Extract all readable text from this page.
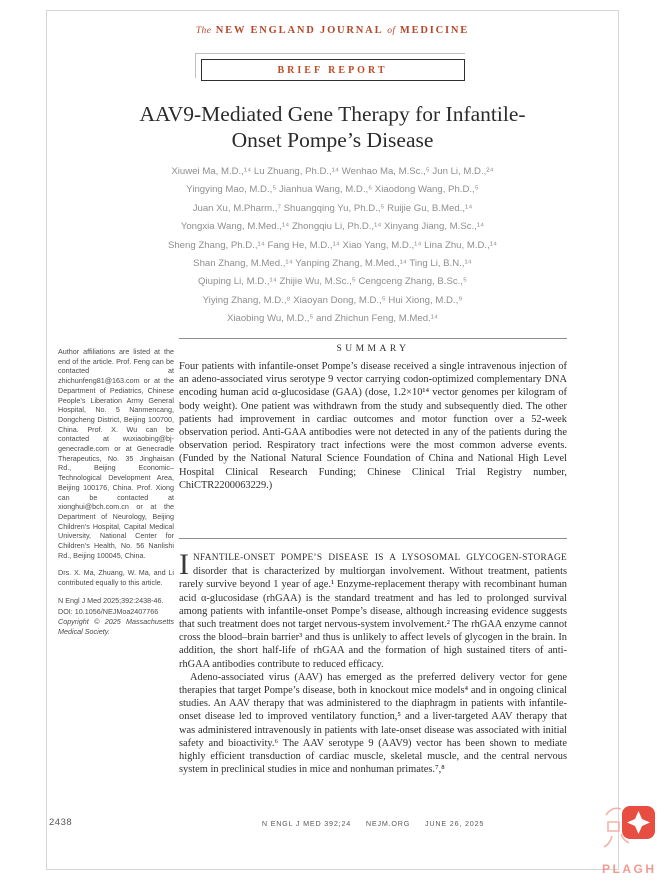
The NEW ENGLAND JOURNAL of MEDICINE
BRIEF REPORT
AAV9-Mediated Gene Therapy for Infantile-
Onset Pompe’s Disease
Xiuwei Ma, M.D.,¹⁴ Lu Zhuang, Ph.D.,¹⁴ Wenhao Ma, M.Sc.,⁵ Jun Li, M.D.,²⁴
Yingying Mao, M.D.,⁵ Jianhua Wang, M.D.,⁶ Xiaodong Wang, Ph.D.,⁵
Juan Xu, M.Pharm.,⁷ Shuangqing Yu, Ph.D.,⁵ Ruijie Gu, B.Med.,¹⁴
Yongxia Wang, M.Med.,¹⁴ Zhongqiu Li, Ph.D.,¹⁴ Xinyang Jiang, M.Sc.,¹⁴
Sheng Zhang, Ph.D.,¹⁴ Fang He, M.D.,¹⁴ Xiao Yang, M.D.,¹⁴ Lina Zhu, M.D.,¹⁴
Shan Zhang, M.Med.,¹⁴ Yanping Zhang, M.Med.,¹⁴ Ting Li, B.N.,¹⁴
Qiuping Li, M.D.,¹⁴ Zhijie Wu, M.Sc.,⁵ Cengceng Zhang, B.Sc.,⁵
Yiying Zhang, M.D.,⁸ Xiaoyan Dong, M.D.,⁵ Hui Xiong, M.D.,⁹
Xiaobing Wu, M.D.,⁵ and Zhichun Feng, M.Med.¹⁴

Author affiliations are listed at the end of the article. Prof. Feng can be contacted at zhichunfeng81@163.com or at the Department of Pediatrics, Chinese People’s Liberation Army General Hospital, No. 5 Nanmencang, Dongcheng District, Beijing 100700, China. Prof. X. Wu can be contacted at wuxiaobing@bj-genecradle.com or at Genecradle Therapeutics, No. 35 Jinghaisan Rd., Beijing Economic–Technological Development Area, Beijing 100176, China. Prof. Xiong can be contacted at xionghui@bch.com.cn or at the Department of Neurology, Beijing Children’s Hospital, Capital Medical University, National Center for Children’s Health, No. 56 Nanlishi Rd., Beijing 100045, China.

Drs. X. Ma, Zhuang, W. Ma, and Li contributed equally to this article.

N Engl J Med 2025;392:2438-46.
DOI: 10.1056/NEJMoa2407766
Copyright © 2025 Massachusetts Medical Society.
SUMMARY
Four patients with infantile-onset Pompe’s disease received a single intravenous injection of an adeno-associated virus serotype 9 vector carrying codon-optimized complementary DNA encoding human acid α-glucosidase (GAA) (dose, 1.2×10¹⁴ vector genomes per kilogram of body weight). One patient was withdrawn from the study and subsequently died. The other patients had improvement in cardiac outcomes and motor function over a 52-week observation period. Anti-GAA antibodies were not detected in any of the patients during the observation period. Respiratory tract infections were the most common adverse events. (Funded by the National Natural Science Foundation of China and National High Level Hospital Clinical Research Funding; Chinese Clinical Trial Registry number, ChiCTR2200063229.)

INFANTILE-ONSET POMPE’S DISEASE IS A LYSOSOMAL GLYCOGEN-STORAGE disorder that is characterized by multiorgan involvement. Without treatment, patients rarely survive beyond 1 year of age.¹ Enzyme-replacement therapy with recombinant human acid α-glucosidase (rhGAA) is the standard treatment and has led to prolonged survival among patients with infantile-onset Pompe’s disease, although increasing evidence suggests that such treatment does not target nervous-system involvement.² The rhGAA enzyme cannot cross the blood–brain barrier³ and thus is unlikely to affect levels of glycogen in the brain. In addition, the short half-life of rhGAA and the formation of high sustained titers of anti-rhGAA antibodies contribute to reduced efficacy.

Adeno-associated virus (AAV) has emerged as the preferred delivery vector for gene therapies that target Pompe’s disease, both in knockout mice models⁴ and in ongoing clinical studies. An AAV therapy that was administered to the diaphragm in patients with infantile-onset disease led to improved ventilatory function,⁵ and a liver-targeted AAV therapy that was administered intravenously in patients with late-onset disease was associated with initial safety and bioactivity.⁶ The AAV serotype 9 (AAV9) vector has been shown to mediate highly efficient transduction of cardiac muscle, skeletal muscle, and the central nervous system in preclinical studies in mice and nonhuman primates.⁷,⁸

2438	N ENGL J MED 392;24 NEJM.ORG JUNE 26, 2025
PLAGH
